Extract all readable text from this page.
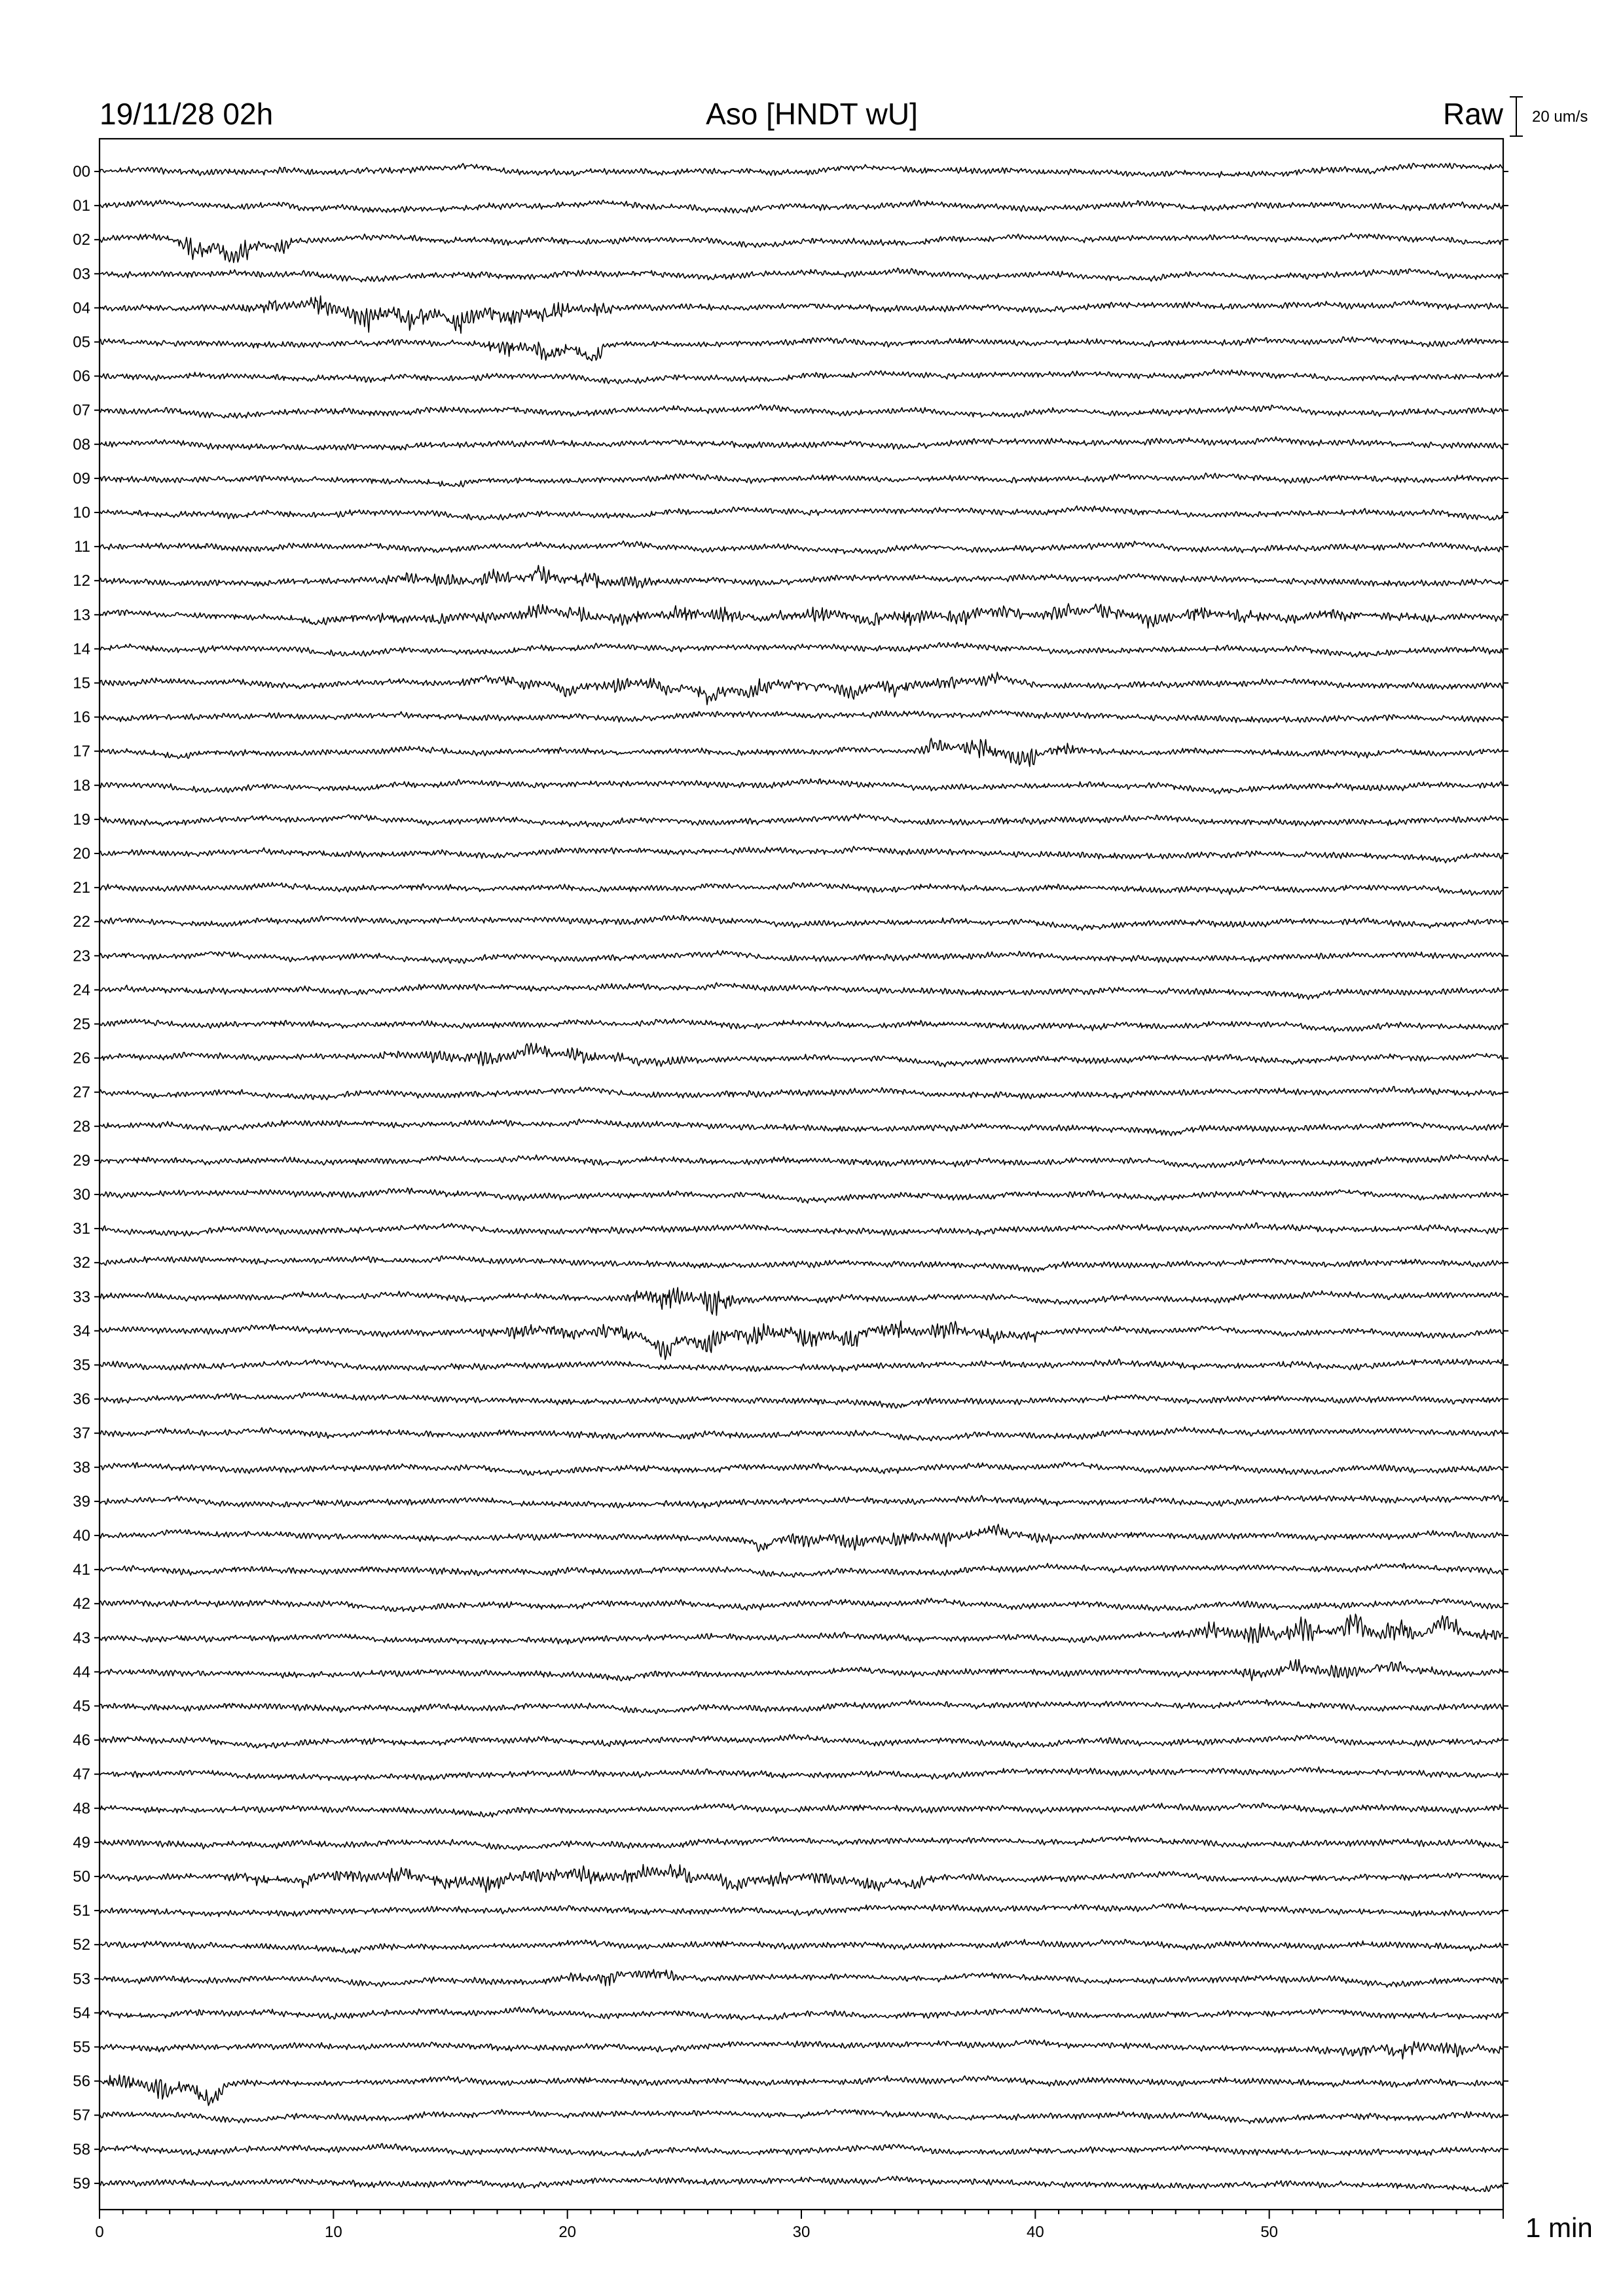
19/11/28 02h	Aso [HNDT wU]	Raw 20 um/s
00
01
02
03
04
05
06
07
08
09
10
11
12
13
14
15
16
17
18
19
20
21
22
23
24
25
26
27
28
29
30
31
32
33
34
35
36
37
38
39
40
41
42
43
44
45
46
47
48
49
50
51
52
53
54
55
56
57
58
59
0	10	20	30	40	50	1 min
